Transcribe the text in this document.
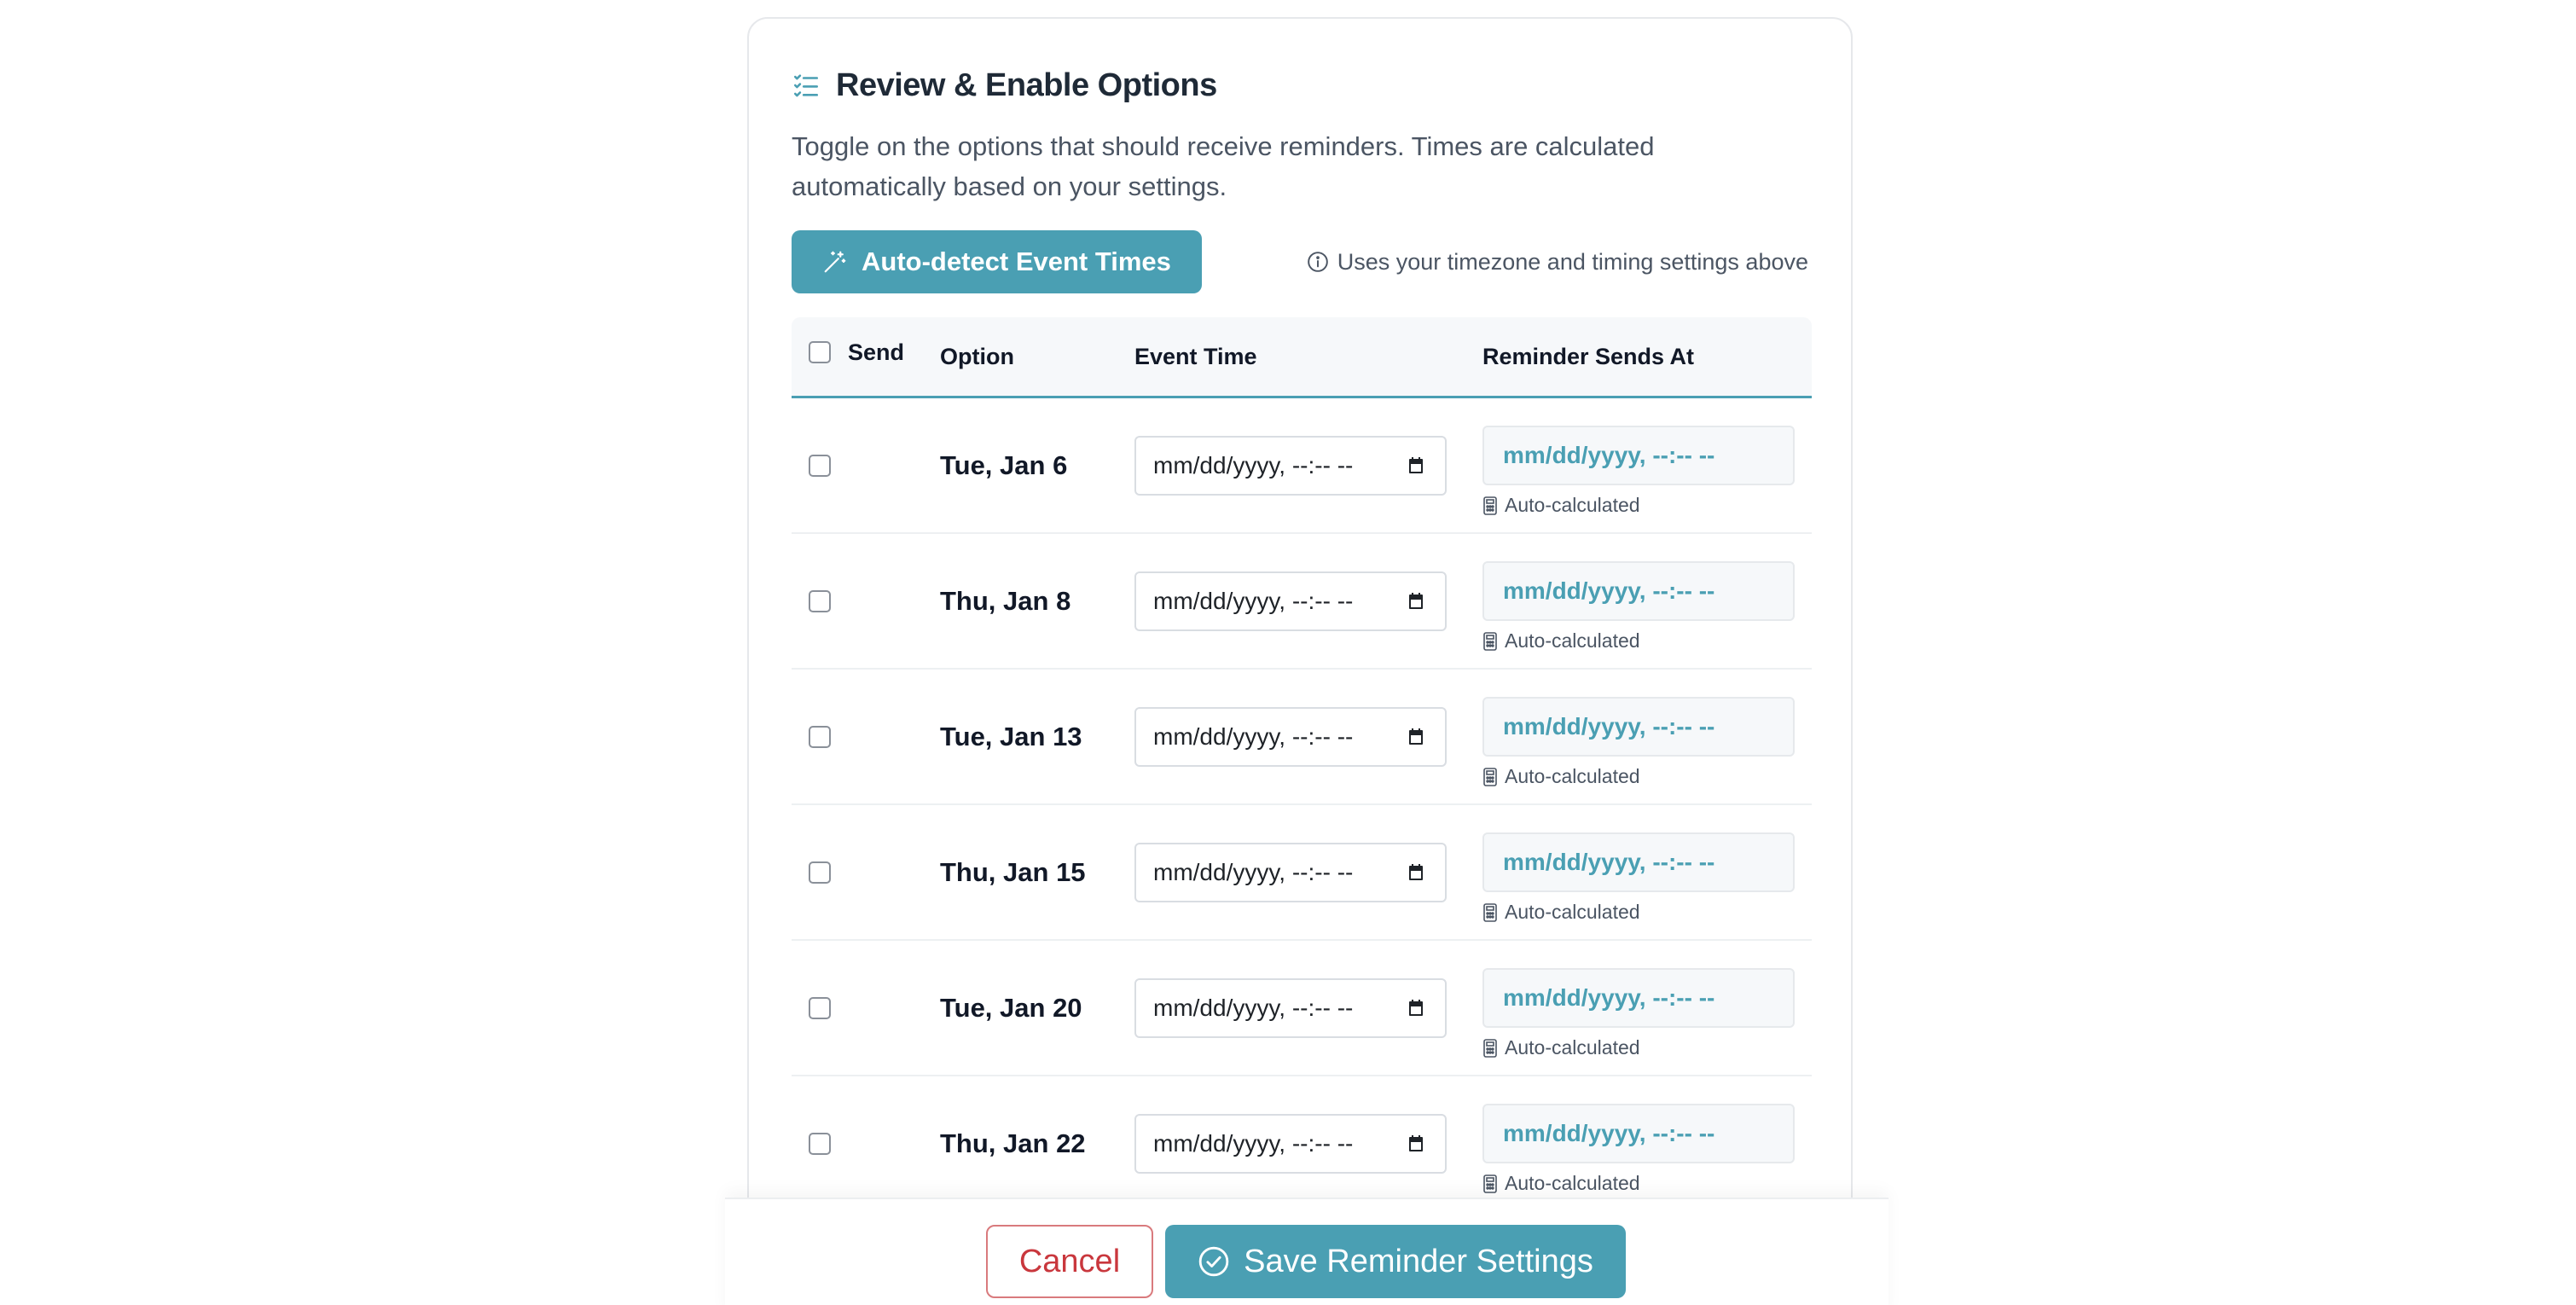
Review & Enable Options
Toggle on the options that should receive reminders. Times are calculated automatically based on your settings.
Auto-detect Event Times	Uses your timezone and timing settings above
Send Option	Event Time	Reminder Sends At
Tue, Jan 6	mm/dd/yyyy, --:-- --	mm/dd/yyyy, --:-- --
Auto-calculated
Thu, Jan 8	mm/dd/yyyy, --:-- --	mm/dd/yyyy, --:-- --
Auto-calculated
Tue, Jan 13	mm/dd/yyyy, --:-- --	mm/dd/yyyy, --:-- --
Auto-calculated
Thu, Jan 15	mm/dd/yyyy, --:-- --	mm/dd/yyyy, --:-- --
Auto-calculated
Tue, Jan 20	mm/dd/yyyy, --:-- --	mm/dd/yyyy, --:-- --
Auto-calculated
Thu, Jan 22	mm/dd/yyyy, --:-- --	mm/dd/yyyy, --:-- --
Auto-calculated
Cancel	Save Reminder Settings
